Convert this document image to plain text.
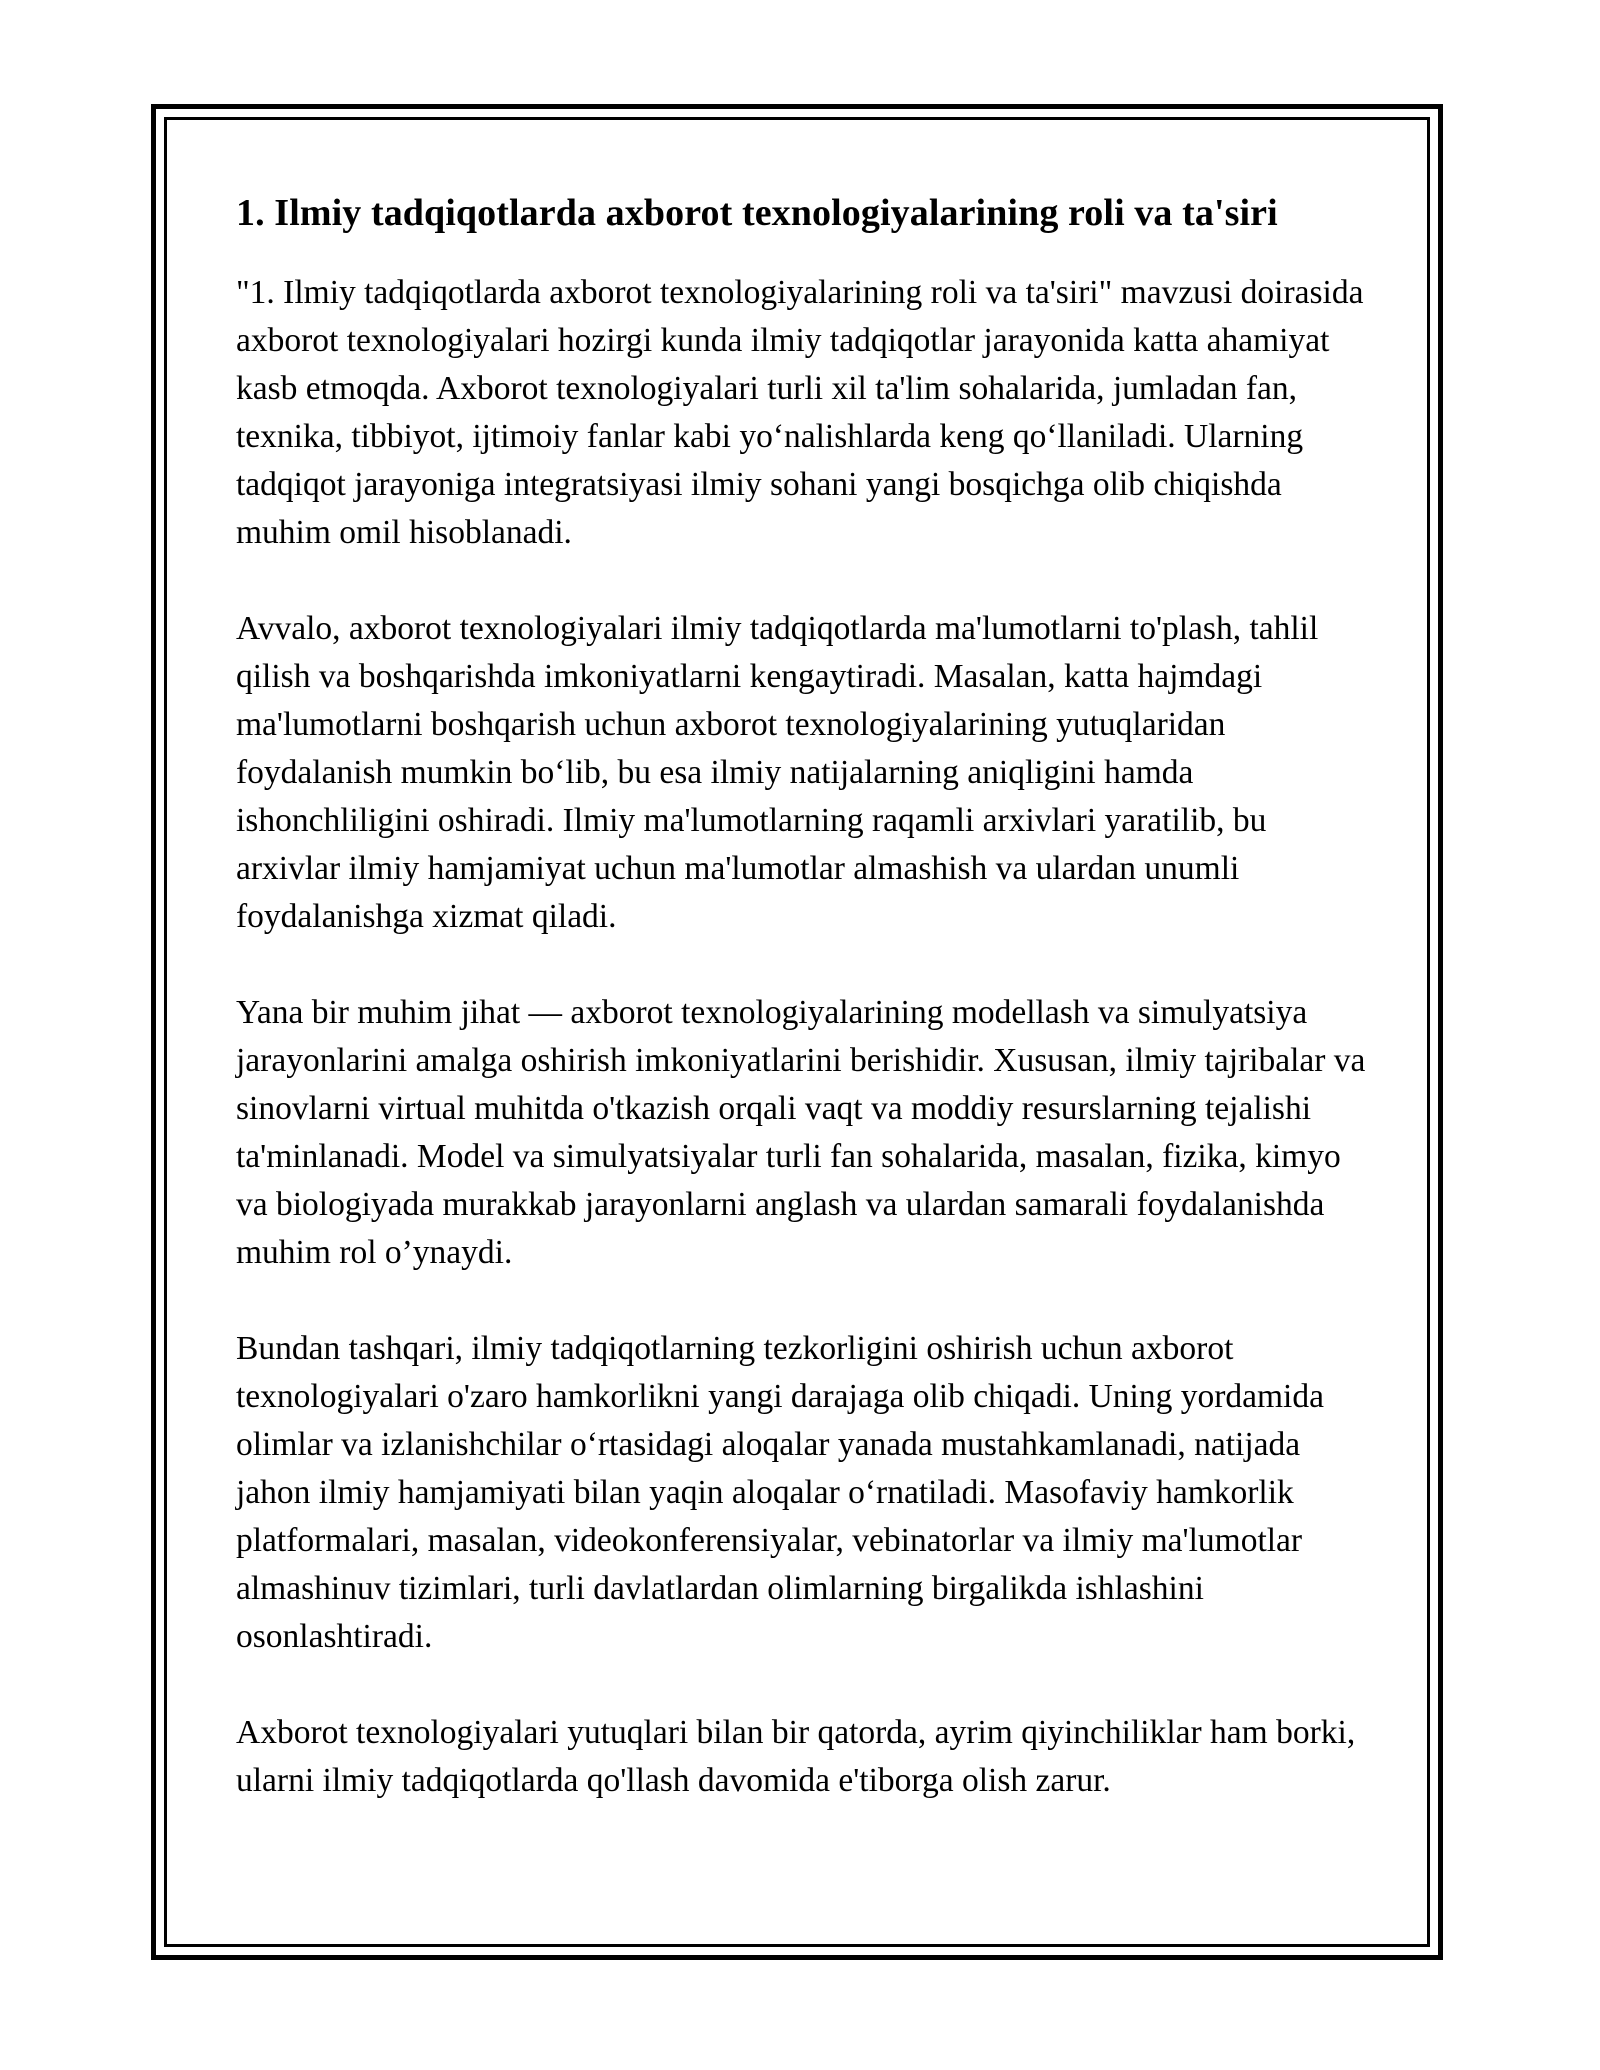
1. Ilmiy tadqiqotlarda axborot texnologiyalarining roli va ta'siri

"1. Ilmiy tadqiqotlarda axborot texnologiyalarining roli va ta'siri" mavzusi doirasida axborot texnologiyalari hozirgi kunda ilmiy tadqiqotlar jarayonida katta ahamiyat kasb etmoqda. Axborot texnologiyalari turli xil ta'lim sohalarida, jumladan fan, texnika, tibbiyot, ijtimoiy fanlar kabi yo‘nalishlarda keng qo‘llaniladi. Ularning tadqiqot jarayoniga integratsiyasi ilmiy sohani yangi bosqichga olib chiqishda muhim omil hisoblanadi.

Avvalo, axborot texnologiyalari ilmiy tadqiqotlarda ma'lumotlarni to'plash, tahlil qilish va boshqarishda imkoniyatlarni kengaytiradi. Masalan, katta hajmdagi ma'lumotlarni boshqarish uchun axborot texnologiyalarining yutuqlaridan foydalanish mumkin bo‘lib, bu esa ilmiy natijalarning aniqligini hamda ishonchliligini oshiradi. Ilmiy ma'lumotlarning raqamli arxivlari yaratilib, bu arxivlar ilmiy hamjamiyat uchun ma'lumotlar almashish va ulardan unumli foydalanishga xizmat qiladi.

Yana bir muhim jihat — axborot texnologiyalarining modellash va simulyatsiya jarayonlarini amalga oshirish imkoniyatlarini berishidir. Xususan, ilmiy tajribalar va sinovlarni virtual muhitda o'tkazish orqali vaqt va moddiy resurslarning tejalishi ta'minlanadi. Model va simulyatsiyalar turli fan sohalarida, masalan, fizika, kimyo va biologiyada murakkab jarayonlarni anglash va ulardan samarali foydalanishda muhim rol o’ynaydi.

Bundan tashqari, ilmiy tadqiqotlarning tezkorligini oshirish uchun axborot texnologiyalari o'zaro hamkorlikni yangi darajaga olib chiqadi. Uning yordamida olimlar va izlanishchilar o‘rtasidagi aloqalar yanada mustahkamlanadi, natijada jahon ilmiy hamjamiyati bilan yaqin aloqalar o‘rnatiladi. Masofaviy hamkorlik platformalari, masalan, videokonferensiyalar, vebinatorlar va ilmiy ma'lumotlar almashinuv tizimlari, turli davlatlardan olimlarning birgalikda ishlashini osonlashtiradi.

Axborot texnologiyalari yutuqlari bilan bir qatorda, ayrim qiyinchiliklar ham borki, ularni ilmiy tadqiqotlarda qo'llash davomida e'tiborga olish zarur.
